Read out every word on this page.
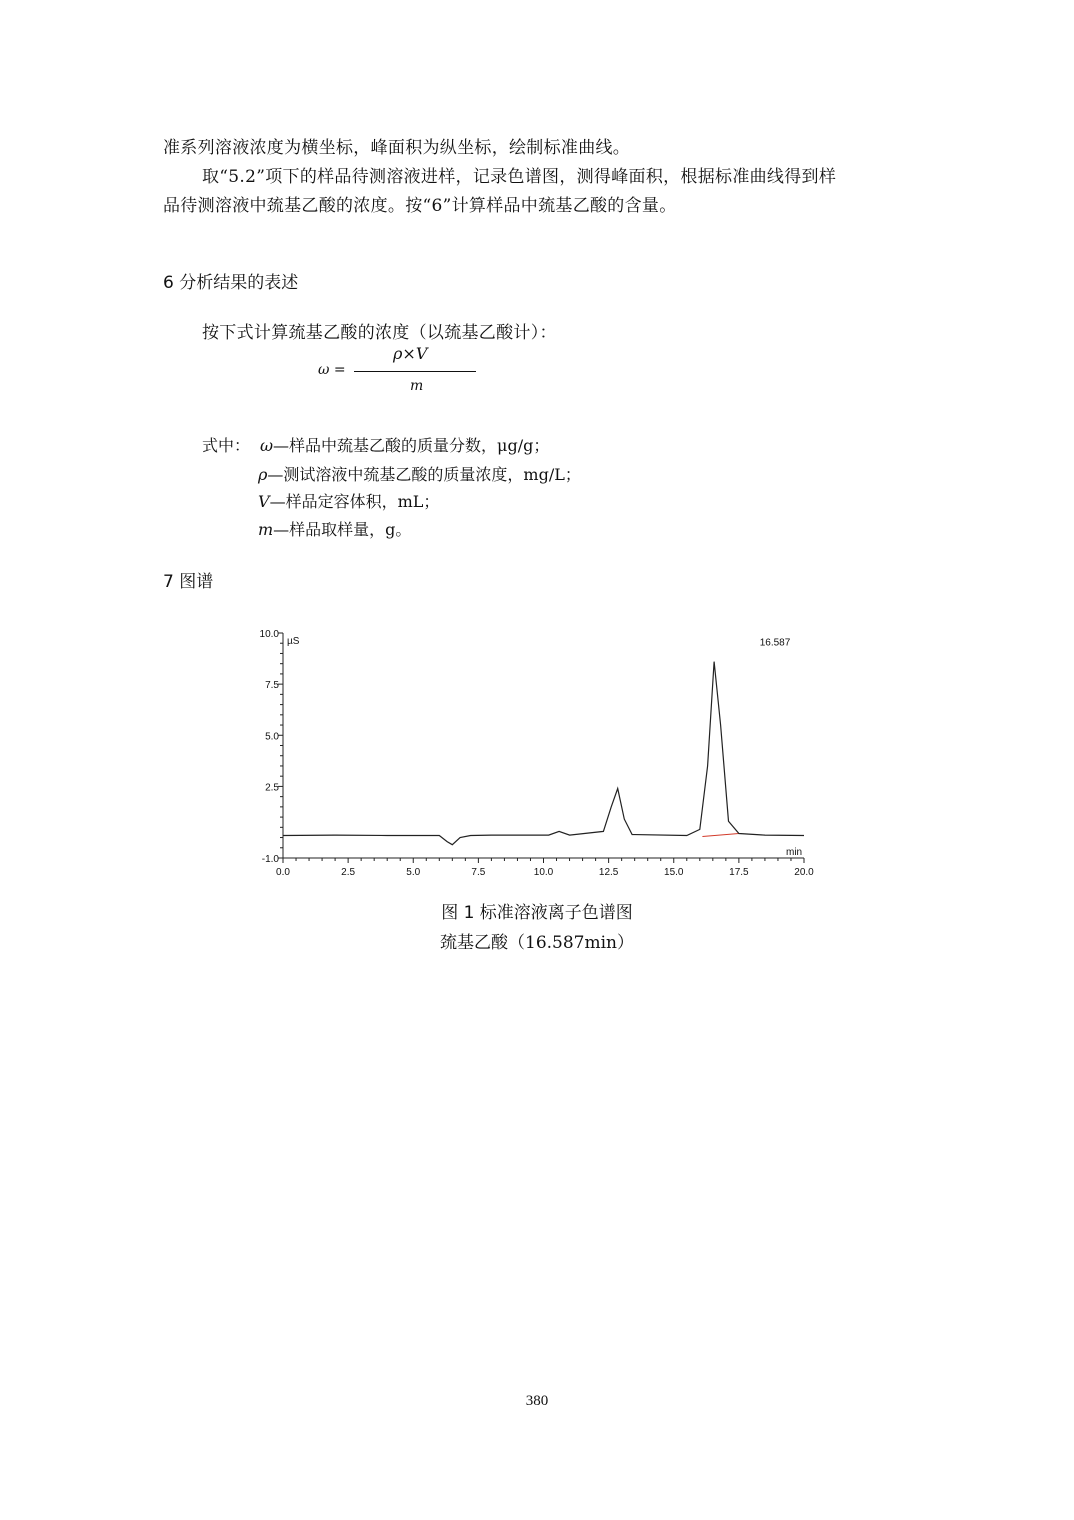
准系列溶液浓度为横坐标，峰面积为纵坐标，绘制标准曲线。
取“5.2”项下的样品待测溶液进样，记录色谱图，测得峰面积，根据标准曲线得到样
品待测溶液中巯基乙酸的浓度。按“6”计算样品中巯基乙酸的含量。
6 分析结果的表述
按下式计算巯基乙酸的浓度（以巯基乙酸计）：
ω =
ρ×V
m
式中： ω—样品中巯基乙酸的质量分数，μg/g；
ρ—测试溶液中巯基乙酸的质量浓度，mg/L；
V—样品定容体积，mL；
m—样品取样量，g。
7 图谱
0.0	2.5	5.0	7.5	10.0	12.5	15.0	17.5	20.0
-1.0
2.5
5.0
7.5
10.0
16.587
µS
min
图 1 标准溶液离子色谱图
巯基乙酸（16.587min）
380
